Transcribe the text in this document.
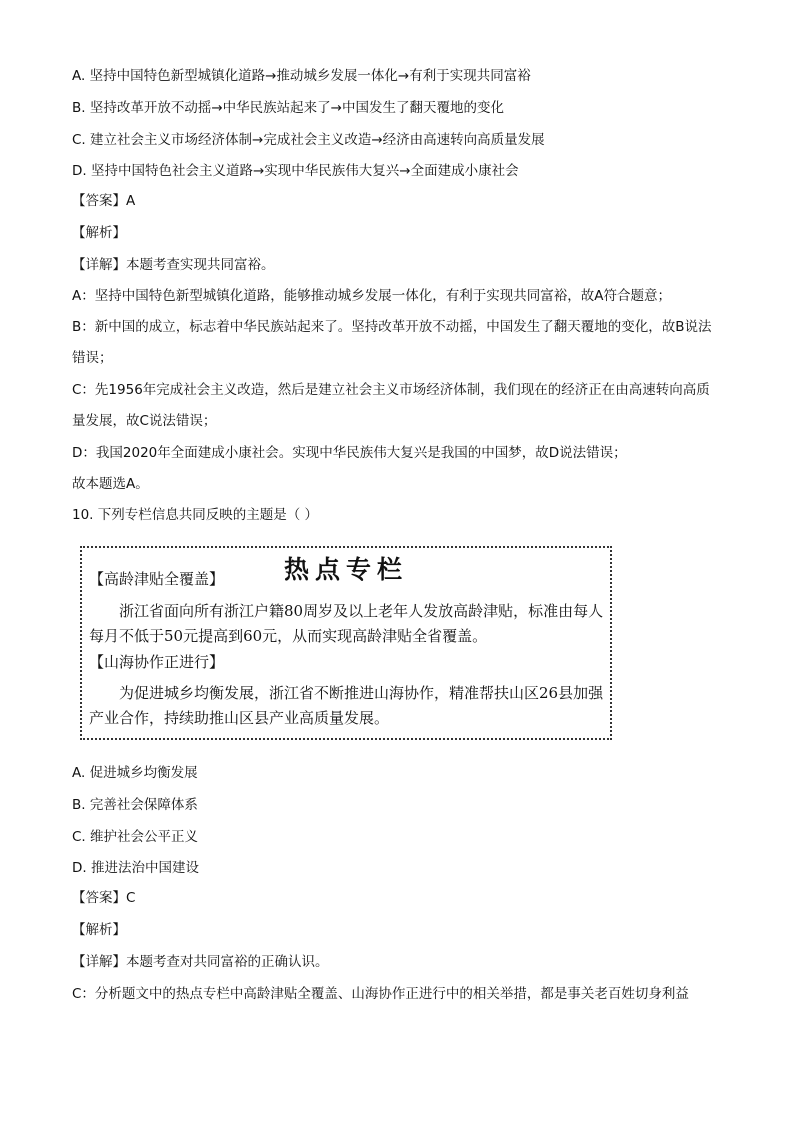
A. 坚持中国特色新型城镇化道路→推动城乡发展一体化→有利于实现共同富裕
B. 坚持改革开放不动摇→中华民族站起来了→中国发生了翻天覆地的变化
C. 建立社会主义市场经济体制→完成社会主义改造→经济由高速转向高质量发展
D. 坚持中国特色社会主义道路→实现中华民族伟大复兴→全面建成小康社会
【答案】A
【解析】
【详解】本题考查实现共同富裕。
A：坚持中国特色新型城镇化道路，能够推动城乡发展一体化，有利于实现共同富裕，故A符合题意；
B：新中国的成立，标志着中华民族站起来了。坚持改革开放不动摇，中国发生了翻天覆地的变化，故B说法错误；
C：先1956年完成社会主义改造，然后是建立社会主义市场经济体制，我们现在的经济正在由高速转向高质量发展，故C说法错误；
D：我国2020年全面建成小康社会。实现中华民族伟大复兴是我国的中国梦，故D说法错误；
故本题选A。
10. 下列专栏信息共同反映的主题是（ ）
热点专栏
【高龄津贴全覆盖】
浙江省面向所有浙江户籍80周岁及以上老年人发放高龄津贴，标准由每人每月不低于50元提高到60元，从而实现高龄津贴全省覆盖。
【山海协作正进行】
为促进城乡均衡发展，浙江省不断推进山海协作，精准帮扶山区26县加强产业合作，持续助推山区县产业高质量发展。
A. 促进城乡均衡发展
B. 完善社会保障体系
C. 维护社会公平正义
D. 推进法治中国建设
【答案】C
【解析】
【详解】本题考查对共同富裕的正确认识。
C：分析题文中的热点专栏中高龄津贴全覆盖、山海协作正进行中的相关举措，都是事关老百姓切身利益
